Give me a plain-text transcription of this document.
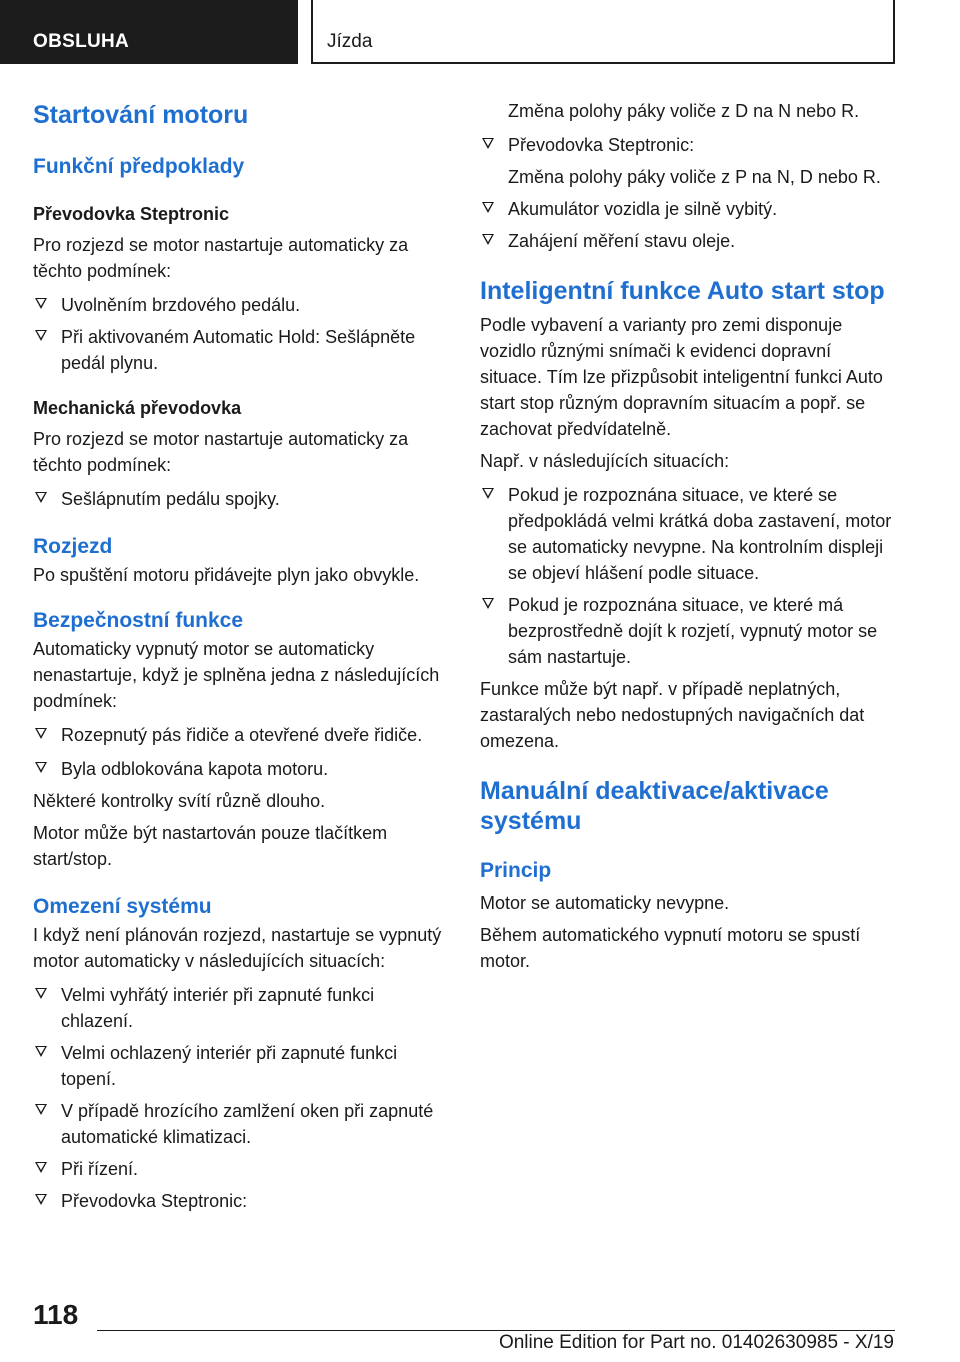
OBSLUHA	Jízda
Startování motoru
Funkční předpoklady
Převodovka Steptronic
Pro rozjezd se motor nastartuje automaticky za těchto podmínek:
Uvolněním brzdového pedálu.
Při aktivovaném Automatic Hold: Sešlápněte pedál plynu.
Mechanická převodovka
Pro rozjezd se motor nastartuje automaticky za těchto podmínek:
Sešlápnutím pedálu spojky.
Rozjezd
Po spuštění motoru přidávejte plyn jako obvykle.
Bezpečnostní funkce
Automaticky vypnutý motor se automaticky nenastartuje, když je splněna jedna z následujících podmínek:
Rozepnutý pás řidiče a otevřené dveře řidiče.
Byla odblokována kapota motoru.
Některé kontrolky svítí různě dlouho.
Motor může být nastartován pouze tlačítkem start/stop.
Omezení systému
I když není plánován rozjezd, nastartuje se vypnutý motor automaticky v následujících situacích:
Velmi vyhřátý interiér při zapnuté funkci chlazení.
Velmi ochlazený interiér při zapnuté funkci topení.
V případě hrozícího zamlžení oken při zapnuté automatické klimatizaci.
Při řízení.
Převodovka Steptronic:
Změna polohy páky voliče z D na N nebo R.
Převodovka Steptronic:
Změna polohy páky voliče z P na N, D nebo R.
Akumulátor vozidla je silně vybitý.
Zahájení měření stavu oleje.
Inteligentní funkce Auto start stop
Podle vybavení a varianty pro zemi disponuje vozidlo různými snímači k evidenci dopravní situace. Tím lze přizpůsobit inteligentní funkci Auto start stop různým dopravním situacím a popř. se zachovat předvídatelně.
Např. v následujících situacích:
Pokud je rozpoznána situace, ve které se předpokládá velmi krátká doba zastavení, motor se automaticky nevypne. Na kontrolním displeji se objeví hlášení podle situace.
Pokud je rozpoznána situace, ve které má bezprostředně dojít k rozjetí, vypnutý motor se sám nastartuje.
Funkce může být např. v případě neplatných, zastaralých nebo nedostupných navigačních dat omezena.
Manuální deaktivace/aktivace systému
Princip
Motor se automaticky nevypne.
Během automatického vypnutí motoru se spustí motor.
118
Online Edition for Part no. 01402630985 - X/19
